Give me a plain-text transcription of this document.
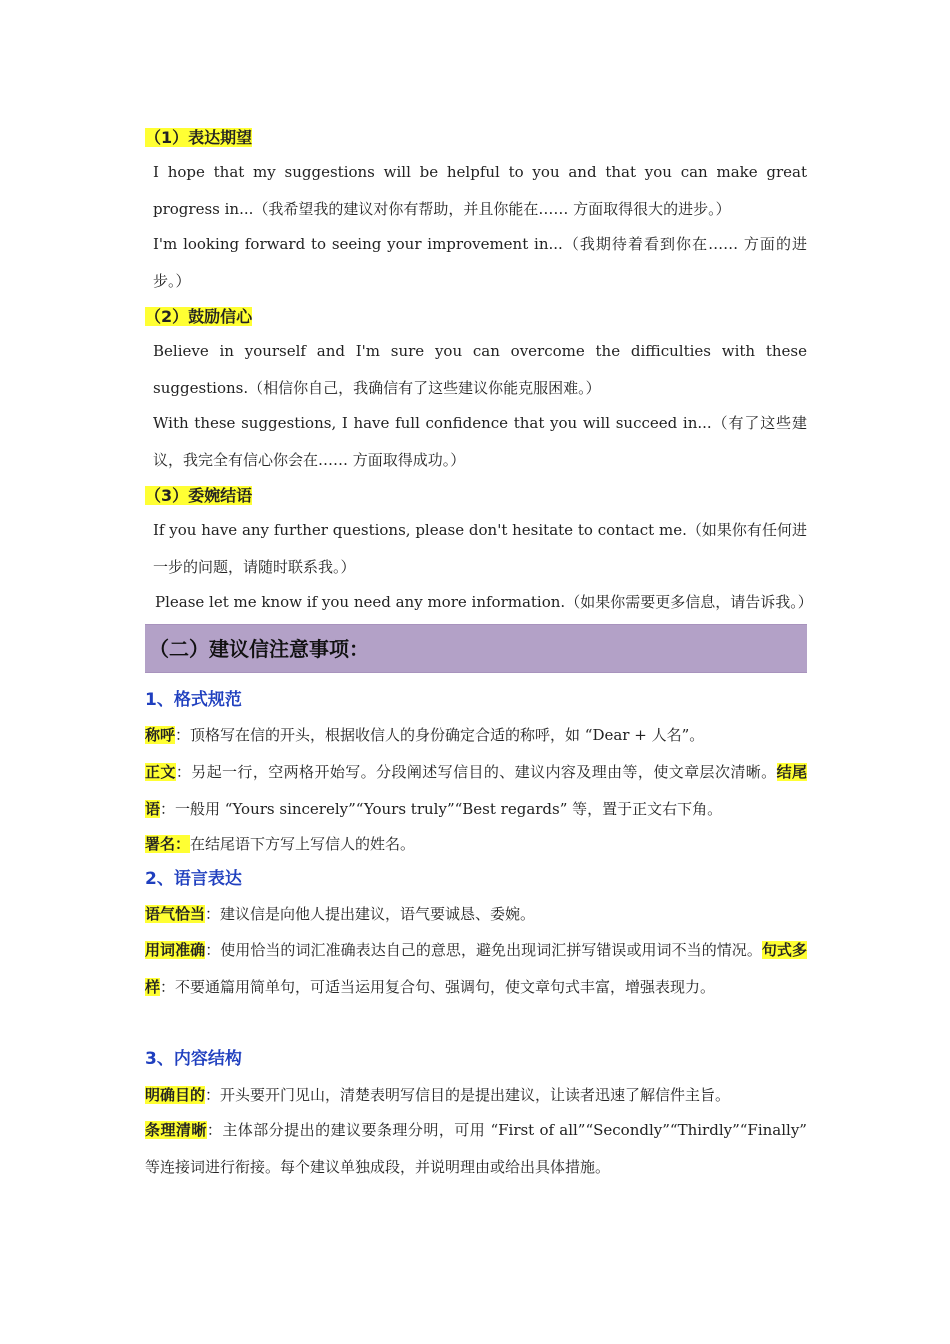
（1）表达期望
I hope that my suggestions will be helpful to you and that you can make great progress in...（我希望我的建议对你有帮助，并且你能在…… 方面取得很大的进步。）
I'm looking forward to seeing your improvement in...（我期待着看到你在…… 方面的进步。）
（2）鼓励信心
Believe in yourself and I'm sure you can overcome the difficulties with these suggestions.（相信你自己，我确信有了这些建议你能克服困难。）
With these suggestions, I have full confidence that you will succeed in...（有了这些建议，我完全有信心你会在…… 方面取得成功。）
（3）委婉结语
If you have any further questions, please don't hesitate to contact me.（如果你有任何进一步的问题，请随时联系我。）
Please let me know if you need any more information.（如果你需要更多信息，请告诉我。）
（二）建议信注意事项：
1、格式规范
称呼：顶格写在信的开头，根据收信人的身份确定合适的称呼，如 “Dear + 人名”。
正文：另起一行，空两格开始写。分段阐述写信目的、建议内容及理由等，使文章层次清晰。结尾语：一般用 “Yours sincerely”“Yours truly”“Best regards” 等，置于正文右下角。
署名：在结尾语下方写上写信人的姓名。
2、语言表达
语气恰当：建议信是向他人提出建议，语气要诚恳、委婉。
用词准确：使用恰当的词汇准确表达自己的意思，避免出现词汇拼写错误或用词不当的情况。句式多样：不要通篇用简单句，可适当运用复合句、强调句，使文章句式丰富，增强表现力。
3、内容结构
明确目的：开头要开门见山，清楚表明写信目的是提出建议，让读者迅速了解信件主旨。
条理清晰：主体部分提出的建议要条理分明，可用 “First of all”“Secondly”“Thirdly”“Finally” 等连接词进行衔接。每个建议单独成段，并说明理由或给出具体措施。
